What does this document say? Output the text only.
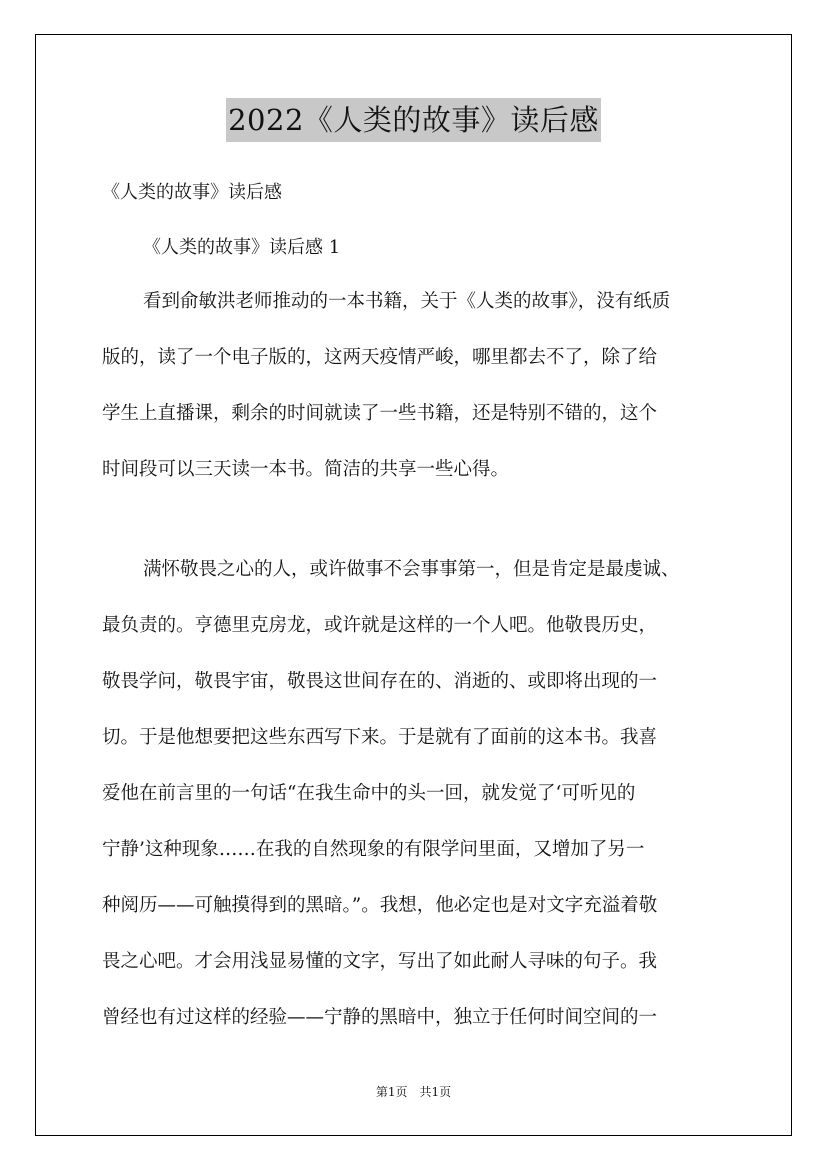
2022《人类的故事》读后感
《人类的故事》读后感
《人类的故事》读后感 1
看到俞敏洪老师推动的一本书籍，关于《人类的故事》，没有纸质
版的，读了一个电子版的，这两天疫情严峻，哪里都去不了，除了给
学生上直播课，剩余的时间就读了一些书籍，还是特别不错的，这个
时间段可以三天读一本书。简洁的共享一些心得。
满怀敬畏之心的人，或许做事不会事事第一，但是肯定是最虔诚、
最负责的。亨德里克房龙，或许就是这样的一个人吧。他敬畏历史，
敬畏学问，敬畏宇宙，敬畏这世间存在的、消逝的、或即将出现的一
切。于是他想要把这些东西写下来。于是就有了面前的这本书。我喜
爱他在前言里的一句话“在我生命中的头一回，就发觉了‘可听见的
宁静’这种现象……在我的自然现象的有限学问里面，又增加了另一
种阅历——可触摸得到的黑暗。”。我想，他必定也是对文字充溢着敬
畏之心吧。才会用浅显易懂的文字，写出了如此耐人寻味的句子。我
曾经也有过这样的经验——宁静的黑暗中，独立于任何时间空间的一
第1页 共1页
